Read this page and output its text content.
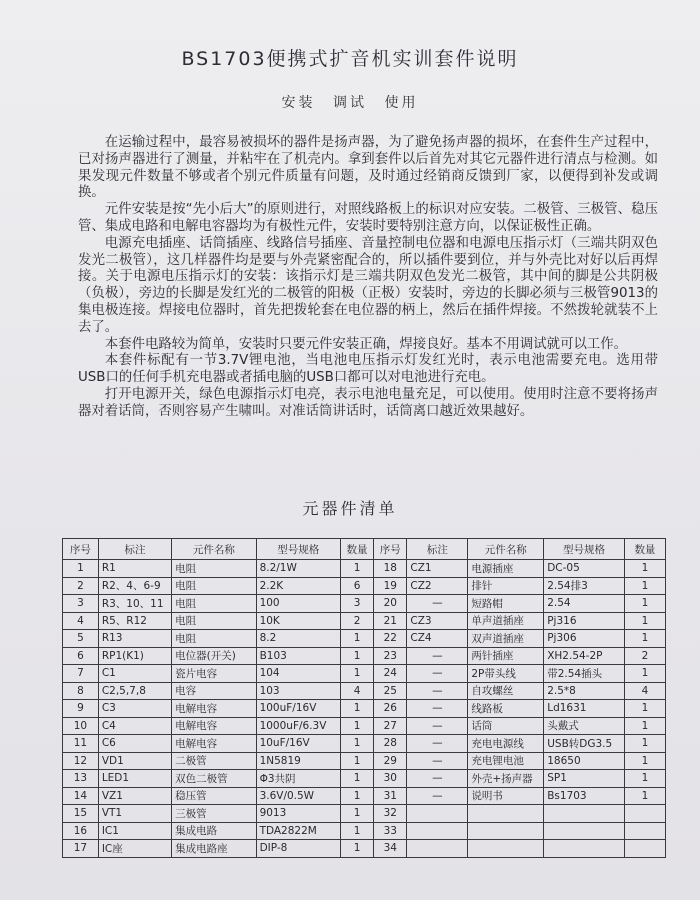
BS1703便携式扩音机实训套件说明
安装 调试 使用

在运输过程中，最容易被损坏的器件是扬声器，为了避免扬声器的损坏，在套件生产过程中，已对扬声器进行了测量，并粘牢在了机壳内。拿到套件以后首先对其它元器件进行清点与检测。如果发现元件数量不够或者个别元件质量有问题，及时通过经销商反馈到厂家，以便得到补发或调换。

元件安装是按“先小后大”的原则进行，对照线路板上的标识对应安装。二极管、三极管、稳压管、集成电路和电解电容器均为有极性元件，安装时要特别注意方向，以保证极性正确。

电源充电插座、话筒插座、线路信号插座、音量控制电位器和电源电压指示灯（三端共阴双色发光二极管），这几样器件均是要与外壳紧密配合的，所以插件要到位，并与外壳比对好以后再焊接。关于电源电压指示灯的安装：该指示灯是三端共阴双色发光二极管，其中间的脚是公共阴极（负极），旁边的长脚是发红光的二极管的阳极（正极）安装时，旁边的长脚必须与三极管9013的集电极连接。焊接电位器时，首先把拨轮套在电位器的柄上，然后在插件焊接。不然拨轮就装不上去了。

本套件电路较为简单，安装时只要元件安装正确，焊接良好。基本不用调试就可以工作。

本套件标配有一节3.7V锂电池，当电池电压指示灯发红光时，表示电池需要充电。选用带USB口的任何手机充电器或者插电脑的USB口都可以对电池进行充电。

打开电源开关，绿色电源指示灯电亮，表示电池电量充足，可以使用。使用时注意不要将扬声器对着话筒，否则容易产生啸叫。对准话筒讲话时，话筒离口越近效果越好。

元器件清单
序号	标注	元件名称	型号规格	数量	序号	标注	元件名称	型号规格	数量
1	R1	电阻	8.2/1W	1	18	CZ1	电源插座	DC-05	1
2	R2、4、6-9	电阻	2.2K	6	19	CZ2	排针	2.54排3	1
3	R3、10、11	电阻	100	3	20	—	短路帽	2.54	1
4	R5、R12	电阻	10K	2	21	CZ3	单声道插座	Pj316	1
5	R13	电阻	8.2	1	22	CZ4	双声道插座	Pj306	1
6	RP1(K1)	电位器(开关)	B103	1	23	—	两针插座	XH2.54-2P	2
7	C1	瓷片电容	104	1	24	—	2P带头线	带2.54插头	1
8	C2,5,7,8	电容	103	4	25	—	自攻螺丝	2.5*8	4
9	C3	电解电容	100uF/16V	1	26	—	线路板	Ld1631	1
10	C4	电解电容	1000uF/6.3V	1	27	—	话筒	头戴式	1
11	C6	电解电容	10uF/16V	1	28	—	充电电源线	USB转DG3.5	1
12	VD1	二极管	1N5819	1	29	—	充电锂电池	18650	1
13	LED1	双色二极管	Φ3共阴	1	30	—	外壳+扬声器	SP1	1
14	VZ1	稳压管	3.6V/0.5W	1	31	—	说明书	Bs1703	1
15	VT1	三极管	9013	1	32				
16	IC1	集成电路	TDA2822M	1	33				
17	IC座	集成电路座	DIP-8	1	34				
